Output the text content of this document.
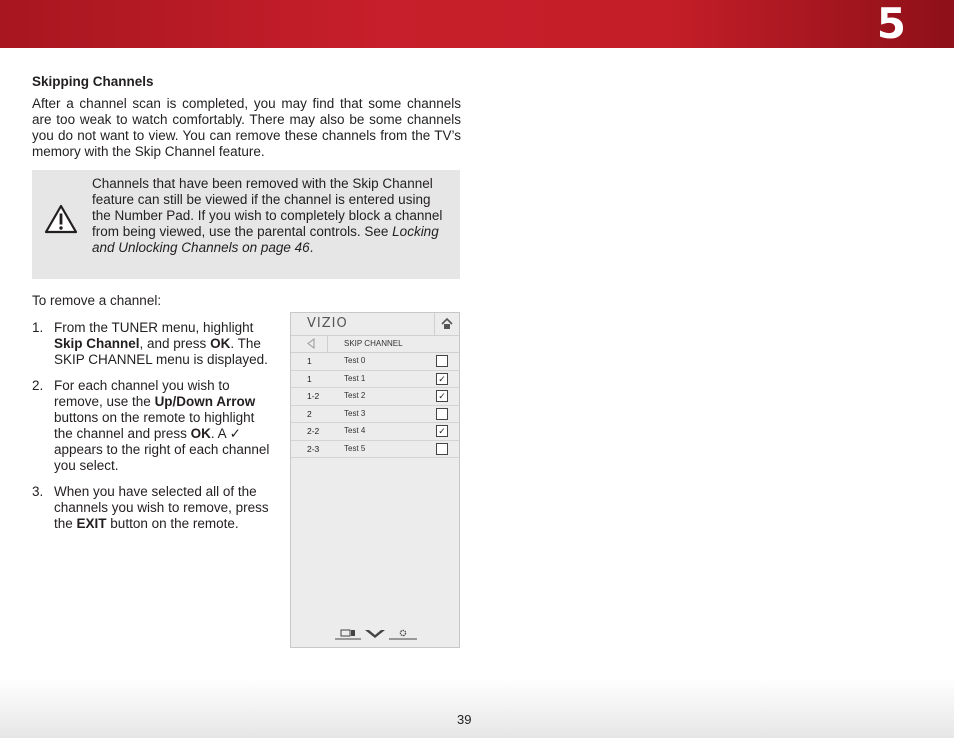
5
Skipping Channels

After a channel scan is completed, you may find that some channels are too weak to watch comfortably. There may also be some channels you do not want to view. You can remove these channels from the TV’s memory with the Skip Channel feature.

Channels that have been removed with the Skip Channel feature can still be viewed if the channel is entered using the Number Pad. If you wish to completely block a channel from being viewed, use the parental controls. See Locking and Unlocking Channels on page 46.

To remove a channel:

1. From the TUNER menu, highlight Skip Channel, and press OK. The SKIP CHANNEL menu is displayed.
2. For each channel you wish to remove, use the Up/Down Arrow buttons on the remote to highlight the channel and press OK. A ✓ appears to the right of each channel you select.
3. When you have selected all of the channels you wish to remove, press the EXIT button on the remote.
VIZIO
SKIP CHANNEL
1	Test 0
1	Test 1	✓
1-2	Test 2	✓
2	Test 3
2-2	Test 4	✓
2-3	Test 5
39
